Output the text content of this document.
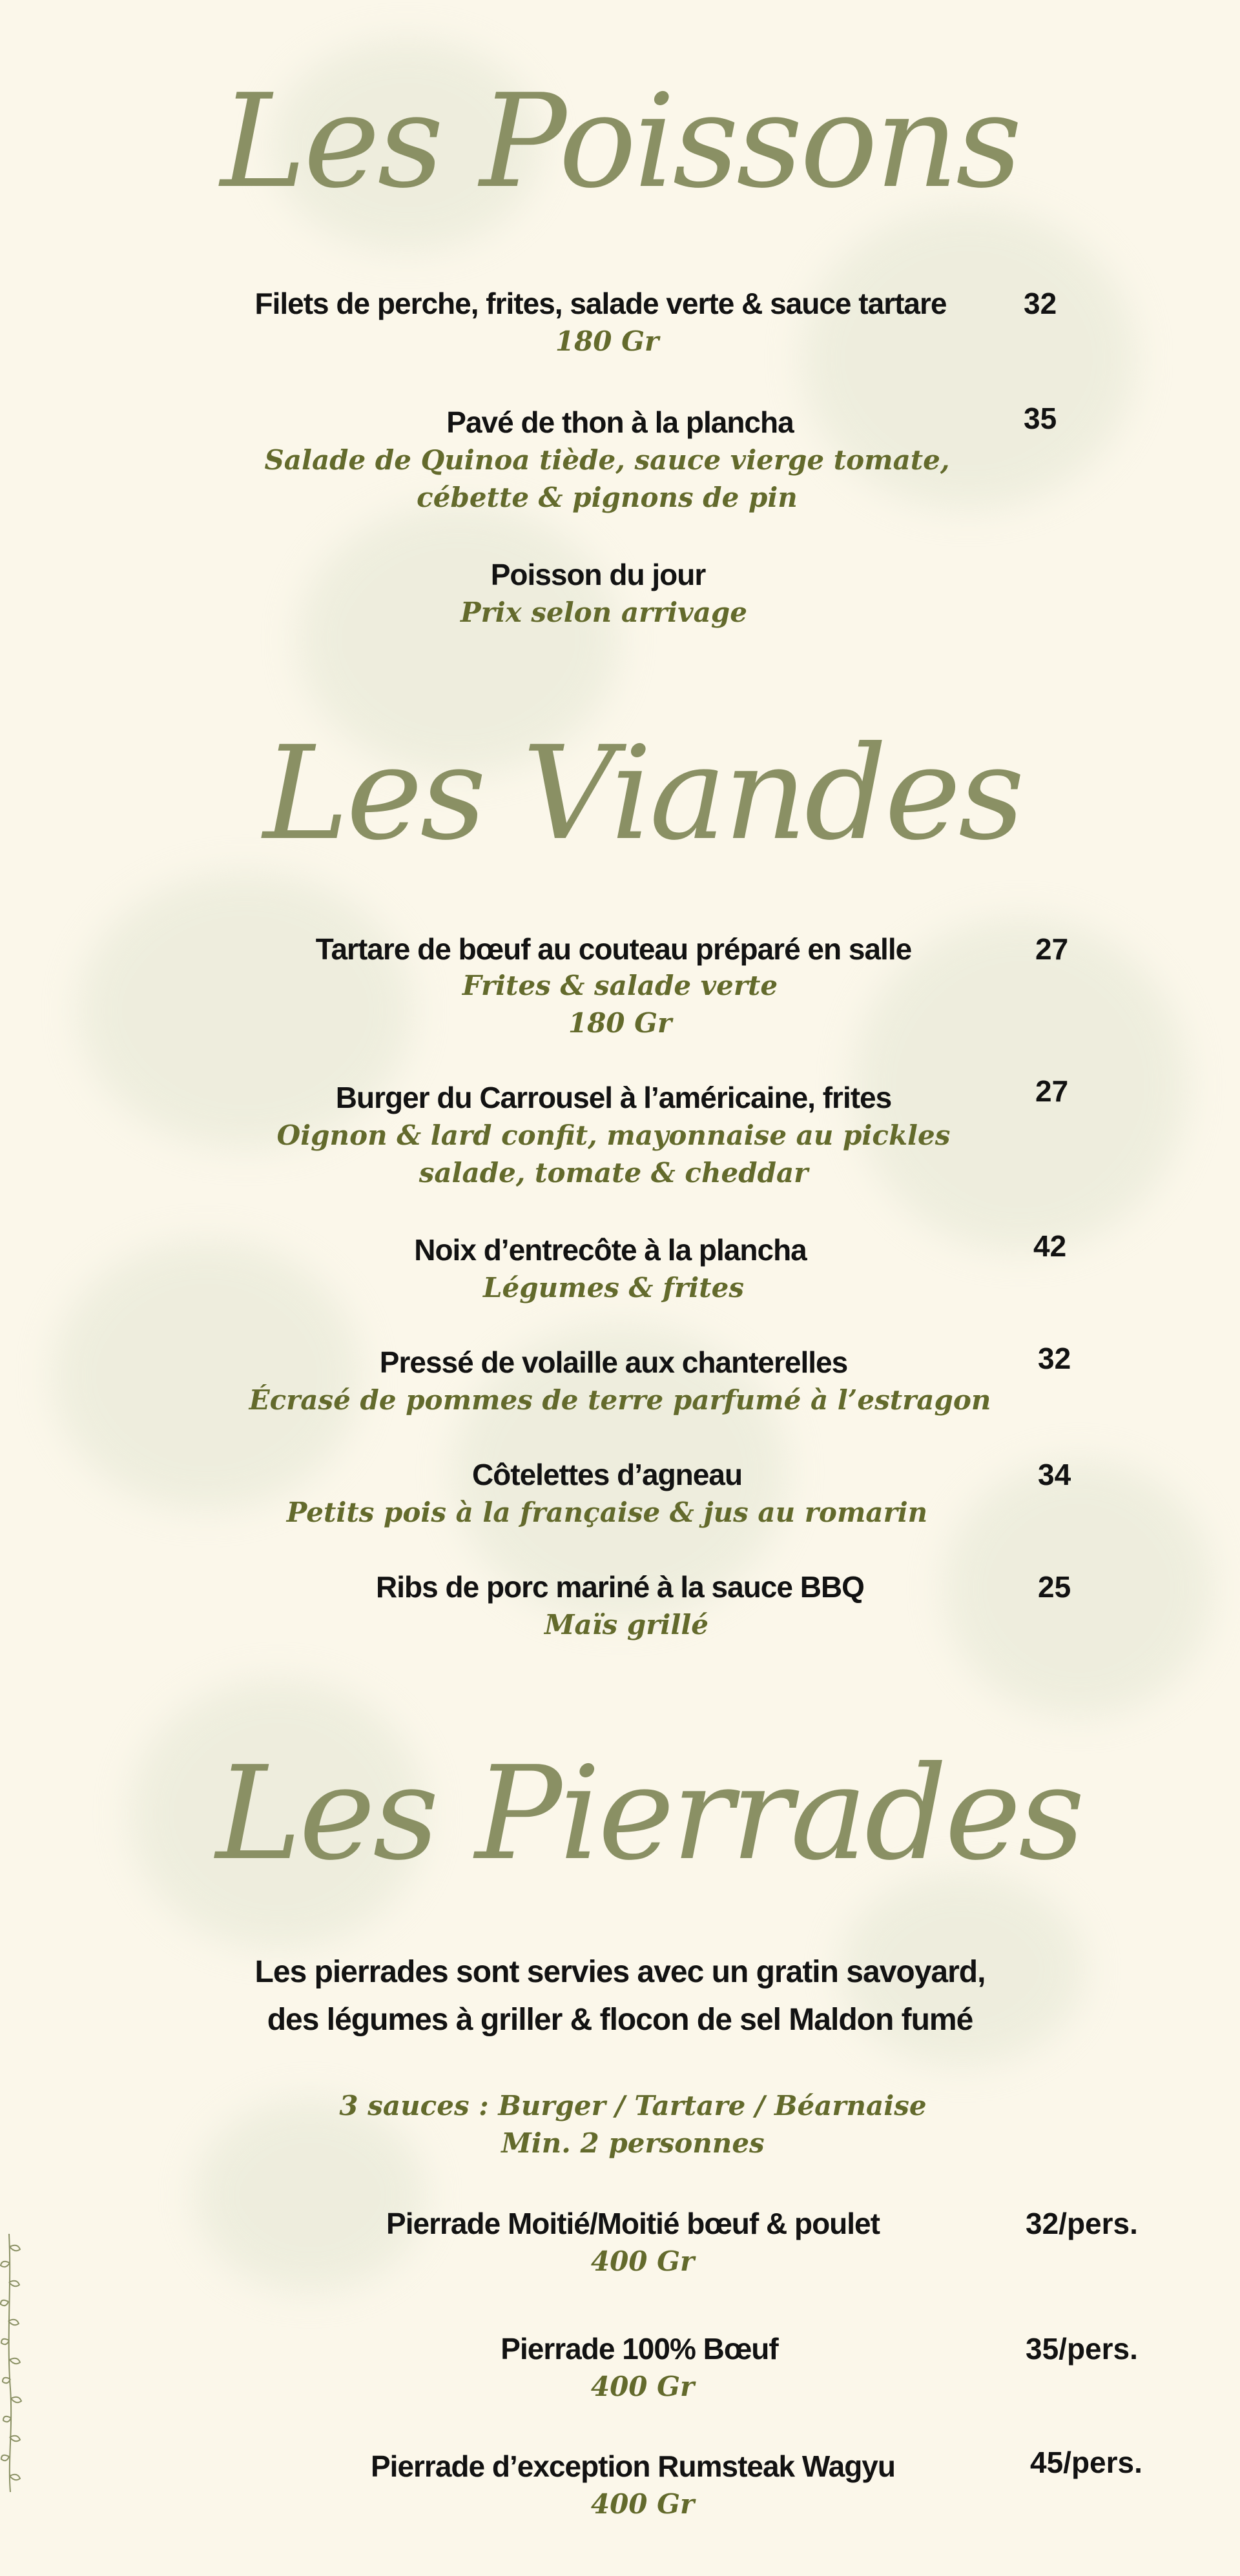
Les Poissons
Filets de perche, frites, salade verte & sauce tartare	32
180 Gr
Pavé de thon à la plancha	35
Salade de Quinoa tiède, sauce vierge tomate,
cébette & pignons de pin
Poisson du jour
Prix selon arrivage
Les Viandes
Tartare de bœuf au couteau préparé en salle	27
Frites & salade verte
180 Gr
Burger du Carrousel à l’américaine, frites	27
Oignon & lard confit, mayonnaise au pickles
salade, tomate & cheddar
Noix d’entrecôte à la plancha	42
Légumes & frites
Pressé de volaille aux chanterelles	32
Écrasé de pommes de terre parfumé à l’estragon
Côtelettes d’agneau	34
Petits pois à la française & jus au romarin
Ribs de porc mariné à la sauce BBQ	25
Maïs grillé
Les Pierrades
Les pierrades sont servies avec un gratin savoyard,
des légumes à griller & flocon de sel Maldon fumé
3 sauces : Burger / Tartare / Béarnaise
Min. 2 personnes
Pierrade Moitié/Moitié bœuf & poulet	32/pers.
400 Gr
Pierrade 100% Bœuf	35/pers.
400 Gr
Pierrade d’exception Rumsteak Wagyu	45/pers.
400 Gr
